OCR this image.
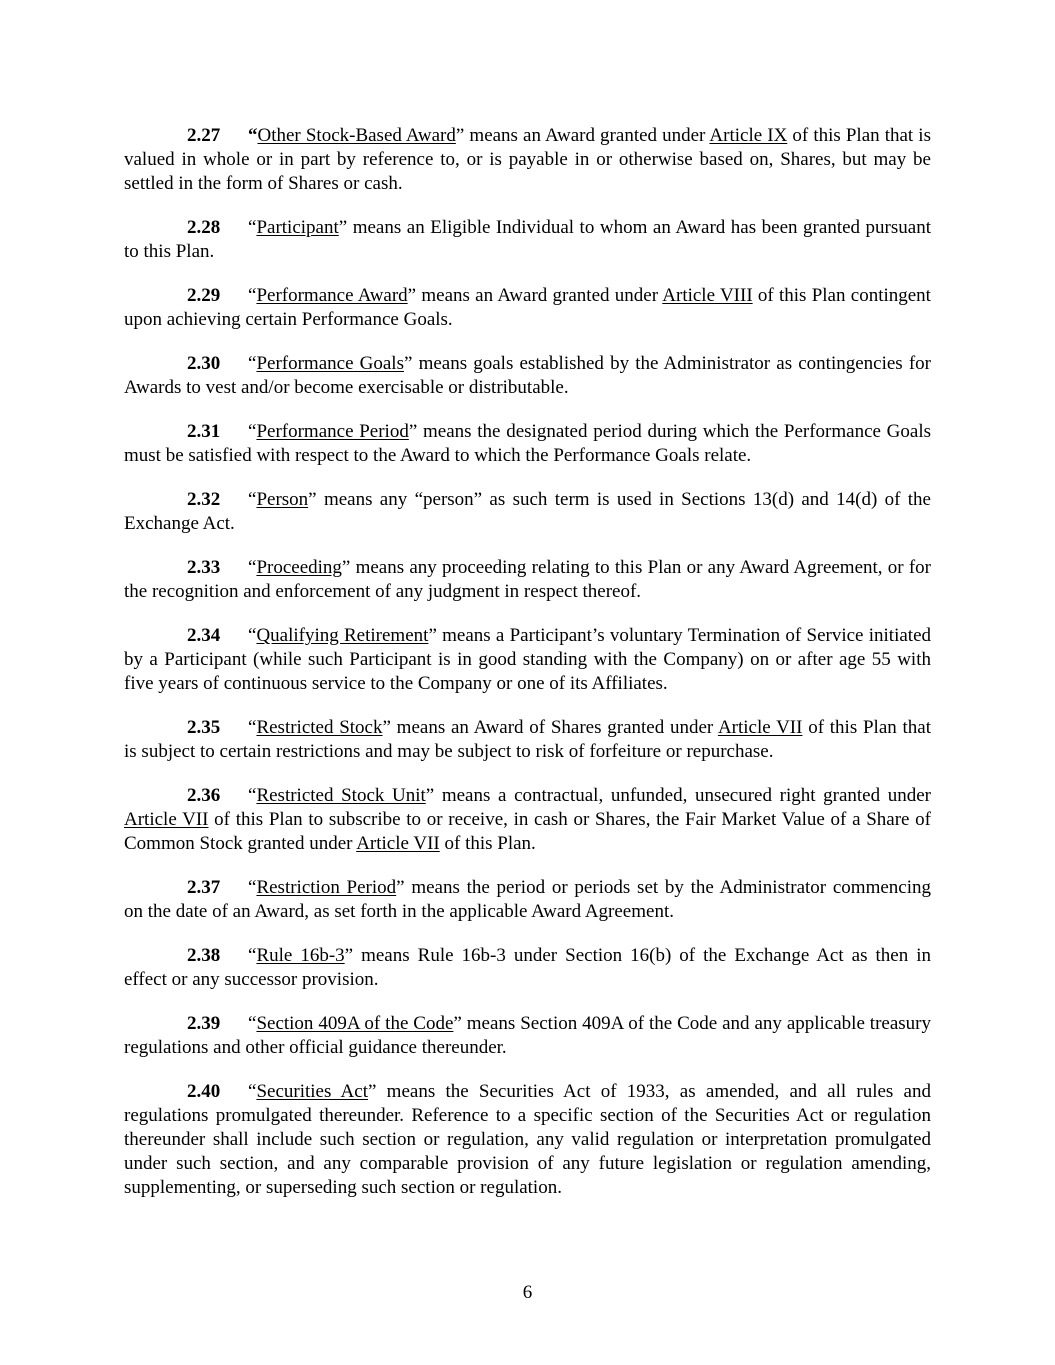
2.27 “Other Stock-Based Award” means an Award granted under Article IX of this Plan that is valued in whole or in part by reference to, or is payable in or otherwise based on, Shares, but may be settled in the form of Shares or cash.

2.28 “Participant” means an Eligible Individual to whom an Award has been granted pursuant to this Plan.

2.29 “Performance Award” means an Award granted under Article VIII of this Plan contingent upon achieving certain Performance Goals.

2.30 “Performance Goals” means goals established by the Administrator as contingencies for Awards to vest and/or become exercisable or distributable.

2.31 “Performance Period” means the designated period during which the Performance Goals must be satisfied with respect to the Award to which the Performance Goals relate.

2.32 “Person” means any “person” as such term is used in Sections 13(d) and 14(d) of the Exchange Act.

2.33 “Proceeding” means any proceeding relating to this Plan or any Award Agreement, or for the recognition and enforcement of any judgment in respect thereof.

2.34 “Qualifying Retirement” means a Participant’s voluntary Termination of Service initiated by a Participant (while such Participant is in good standing with the Company) on or after age 55 with five years of continuous service to the Company or one of its Affiliates.

2.35 “Restricted Stock” means an Award of Shares granted under Article VII of this Plan that is subject to certain restrictions and may be subject to risk of forfeiture or repurchase.

2.36 “Restricted Stock Unit” means a contractual, unfunded, unsecured right granted under Article VII of this Plan to subscribe to or receive, in cash or Shares, the Fair Market Value of a Share of Common Stock granted under Article VII of this Plan.

2.37 “Restriction Period” means the period or periods set by the Administrator commencing on the date of an Award, as set forth in the applicable Award Agreement.

2.38 “Rule 16b-3” means Rule 16b-3 under Section 16(b) of the Exchange Act as then in effect or any successor provision.

2.39 “Section 409A of the Code” means Section 409A of the Code and any applicable treasury regulations and other official guidance thereunder.

2.40 “Securities Act” means the Securities Act of 1933, as amended, and all rules and regulations promulgated thereunder. Reference to a specific section of the Securities Act or regulation thereunder shall include such section or regulation, any valid regulation or interpretation promulgated under such section, and any comparable provision of any future legislation or regulation amending, supplementing, or superseding such section or regulation.

6
